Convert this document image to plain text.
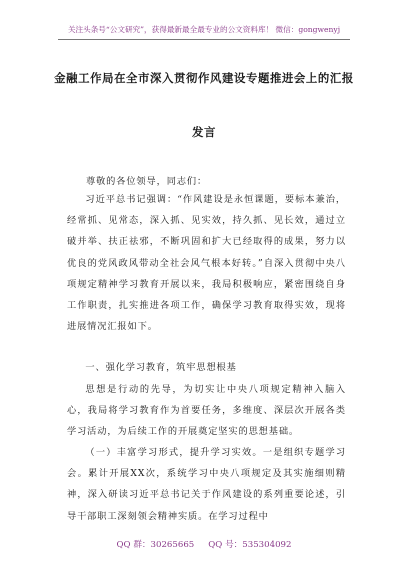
关注头条号“公文研究”，获得最新最全最专业的公文资料库！ 微信：gongwenyj
金融工作局在全市深入贯彻作风建设专题推进会上的汇报
发言
尊敬的各位领导，同志们：

习近平总书记强调：“作风建设是永恒课题，要标本兼治，经常抓、见常态，深入抓、见实效，持久抓、见长效，通过立破并举、扶正祛邪，不断巩固和扩大已经取得的成果，努力以优良的党风政风带动全社会风气根本好转。”自深入贯彻中央八项规定精神学习教育开展以来，我局积极响应，紧密围绕自身工作职责，扎实推进各项工作，确保学习教育取得实效，现将进展情况汇报如下。

一、强化学习教育，筑牢思想根基

思想是行动的先导，为切实让中央八项规定精神入脑入心，我局将学习教育作为首要任务，多维度、深层次开展各类学习活动，为后续工作的开展奠定坚实的思想基础。

（一）丰富学习形式，提升学习实效。一是组织专题学习会。累计开展XX次，系统学习中央八项规定及其实施细则精神，深入研读习近平总书记关于作风建设的系列重要论述，引导干部职工深刻领会精神实质。在学习过程中

QQ 群：30265665 QQ 号：535304092
